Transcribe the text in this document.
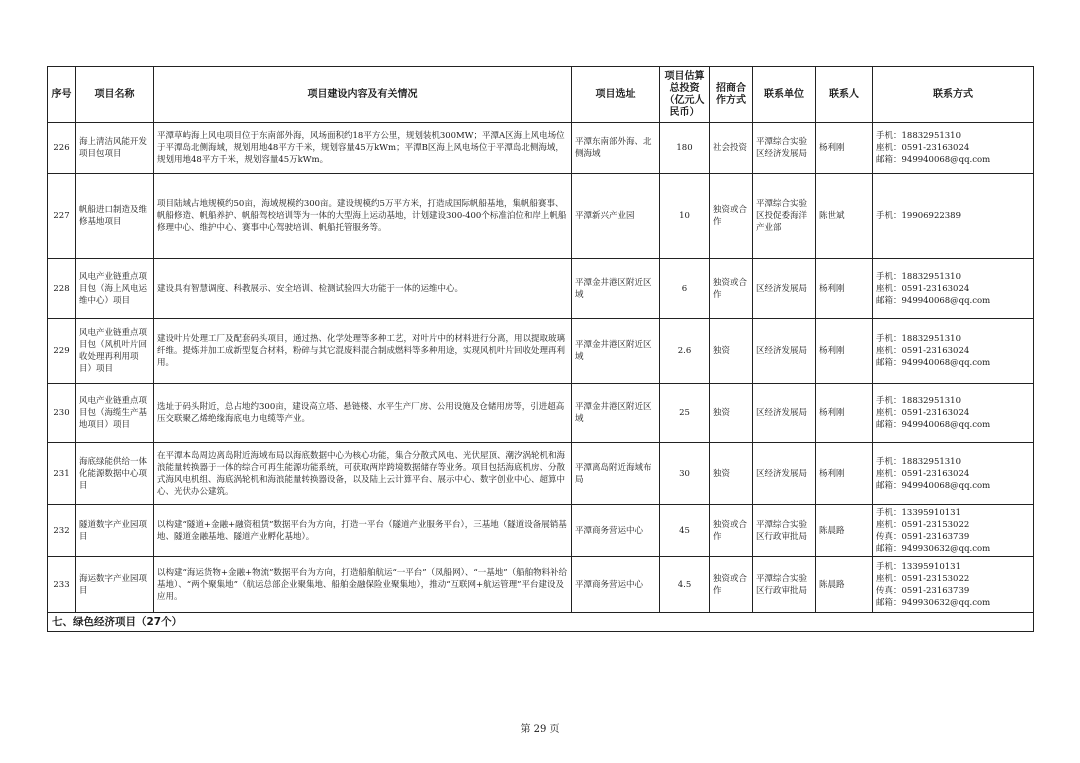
序号	项目名称	项目建设内容及有关情况	项目选址	项目估算总投资（亿元人民币）	招商合作方式	联系单位	联系人	联系方式
226	海上清洁风能开发项目包项目	平潭草屿海上风电项目位于东南部外海，风场面积约18平方公里，规划装机300MW；平潭A区海上风电场位于平潭岛北侧海域，规划用地48平方千米，规划容量45万kWm；平潭B区海上风电场位于平潭岛北侧海域，规划用地48平方千米，规划容量45万kWm。	平潭东南部外海、北侧海域	180	社会投资	平潭综合实验区经济发展局	杨利刚	手机：18832951310
座机：0591-23163024
邮箱：949940068@qq.com

227	帆船进口制造及维修基地项目	项目陆域占地规模约50亩，海域规模约300亩。建设规模约5万平方米，打造成国际帆船基地，集帆船赛事、帆船修造、帆船养护、帆船驾校培训等为一体的大型海上运动基地，计划建设300-400个标准泊位和岸上帆船修理中心、维护中心、赛事中心驾驶培训、帆船托管服务等。	平潭新兴产业园	10	独资或合作	平潭综合实验区投促委海洋产业部	陈世斌	手机：19906922389

228	风电产业链重点项目包（海上风电运维中心）项目	建设具有智慧调度、科教展示、安全培训、检测试验四大功能于一体的运维中心。	平潭金井港区附近区域	6	独资或合作	区经济发展局	杨利刚	手机：18832951310
座机：0591-23163024
邮箱：949940068@qq.com

229	风电产业链重点项目包（风机叶片回收处理再利用项目）项目	建设叶片处理工厂及配套码头项目，通过热、化学处理等多种工艺，对叶片中的材料进行分离，用以提取玻璃纤维。提炼并加工成新型复合材料，粉碎与其它混废料混合制成燃料等多种用途，实现风机叶片回收处理再利用。	平潭金井港区附近区域	2.6	独资	区经济发展局	杨利刚	手机：18832951310
座机：0591-23163024
邮箱：949940068@qq.com

230	风电产业链重点项目包（海缆生产基地项目）项目	选址于码头附近，总占地约300亩，建设高立塔、悬链楼、水平生产厂房、公用设施及仓储用房等，引进超高压交联聚乙烯绝缘海底电力电缆等产业。	平潭金井港区附近区域	25	独资	区经济发展局	杨利刚	手机：18832951310
座机：0591-23163024
邮箱：949940068@qq.com

231	海底绿能供给一体化能源数据中心项目	在平潭本岛周边离岛附近海域布局以海底数据中心为核心功能，集合分散式风电、光伏屋顶、潮汐涡轮机和海浪能量转换器于一体的综合可再生能源功能系统，可获取两岸跨境数据储存等业务。项目包括海底机房、分散式海风电机组、海底涡轮机和海浪能量转换器设备，以及陆上云计算平台、展示中心、数字创业中心、超算中心、光伏办公建筑。	平潭离岛附近海域布局	30	独资	区经济发展局	杨利刚	手机：18832951310
座机：0591-23163024
邮箱：949940068@qq.com

232	隧道数字产业园项目	以构建“隧道+金融+融资租赁”数据平台为方向，打造一平台（隧道产业服务平台），三基地（隧道设备展销基地、隧道金融基地、隧道产业孵化基地）。	平潭商务营运中心	45	独资或合作	平潭综合实验区行政审批局	陈晨路	手机：13395910131
座机：0591-23153022
传真：0591-23163739
邮箱：949930632@qq.com

233	海运数字产业园项目	以构建“海运货物+金融+物流”数据平台为方向，打造船舶航运“一平台”（凤船网）、“一基地”（船舶物料补给基地）、“两个聚集地”（航运总部企业聚集地、船舶金融保险业聚集地），推动“互联网+航运管理”平台建设及应用。	平潭商务营运中心	4.5	独资或合作	平潭综合实验区行政审批局	陈晨路	手机：13395910131
座机：0591-23153022
传真：0591-23163739
邮箱：949930632@qq.com

七、绿色经济项目（27个）								
第 29 页
